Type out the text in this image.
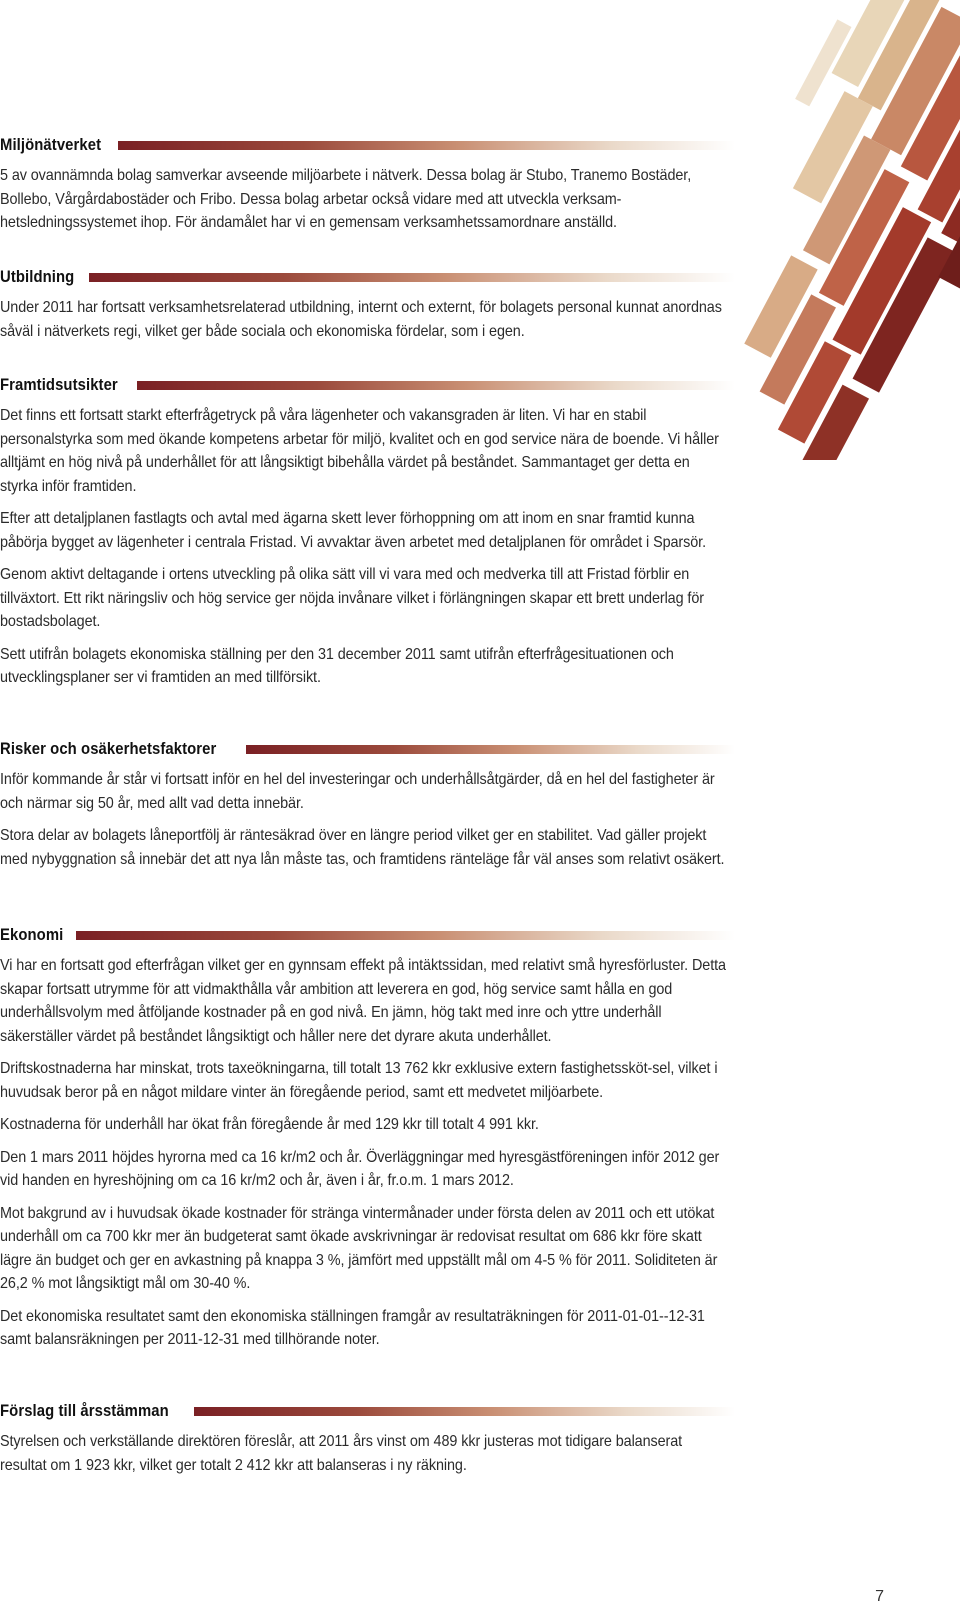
Miljönätverket

5 av ovannämnda bolag samverkar avseende miljöarbete i nätverk. Dessa bolag är Stubo, Tranemo Bostäder, Bollebo, Vårgårdabostäder och Fribo. Dessa bolag arbetar också vidare med att utveckla verksam-hetsledningssystemet ihop. För ändamålet har vi en gemensam verksamhetssamordnare anställd.

Utbildning

Under 2011 har fortsatt verksamhetsrelaterad utbildning, internt och externt, för bolagets personal kunnat anordnas såväl i nätverkets regi, vilket ger både sociala och ekonomiska fördelar, som i egen.

Framtidsutsikter

Det finns ett fortsatt starkt efterfrågetryck på våra lägenheter och vakansgraden är liten. Vi har en stabil personalstyrka som med ökande kompetens arbetar för miljö, kvalitet och en god service nära de boende. Vi håller alltjämt en hög nivå på underhållet för att långsiktigt bibehålla värdet på beståndet. Sammantaget ger detta en styrka inför framtiden.

Efter att detaljplanen fastlagts och avtal med ägarna skett lever förhoppning om att inom en snar framtid kunna påbörja bygget av lägenheter i centrala Fristad. Vi avvaktar även arbetet med detaljplanen för området i Sparsör.

Genom aktivt deltagande i ortens utveckling på olika sätt vill vi vara med och medverka till att Fristad förblir en tillväxtort. Ett rikt näringsliv och hög service ger nöjda invånare vilket i förlängningen skapar ett brett underlag för bostadsbolaget.

Sett utifrån bolagets ekonomiska ställning per den 31 december 2011 samt utifrån efterfrågesituationen och utvecklingsplaner ser vi framtiden an med tillförsikt.

Risker och osäkerhetsfaktorer

Inför kommande år står vi fortsatt inför en hel del investeringar och underhållsåtgärder, då en hel del fastigheter är och närmar sig 50 år, med allt vad detta innebär.

Stora delar av bolagets låneportfölj är räntesäkrad över en längre period vilket ger en stabilitet. Vad gäller projekt med nybyggnation så innebär det att nya lån måste tas, och framtidens ränteläge får väl anses som relativt osäkert.

Ekonomi

Vi har en fortsatt god efterfrågan vilket ger en gynnsam effekt på intäktssidan, med relativt små hyresförluster. Detta skapar fortsatt utrymme för att vidmakthålla vår ambition att leverera en god, hög service samt hålla en god underhållsvolym med åtföljande kostnader på en god nivå. En jämn, hög takt med inre och yttre underhåll säkerställer värdet på beståndet långsiktigt och håller nere det dyrare akuta underhållet.

Driftskostnaderna har minskat, trots taxeökningarna, till totalt 13 762 kkr exklusive extern fastighetssköt-sel, vilket i huvudsak beror på en något mildare vinter än föregående period, samt ett medvetet miljöarbete.

Kostnaderna för underhåll har ökat från föregående år med 129 kkr till totalt 4 991 kkr.

Den 1 mars 2011 höjdes hyrorna med ca 16 kr/m2 och år. Överläggningar med hyresgästföreningen inför 2012 ger vid handen en hyreshöjning om ca 16 kr/m2 och år, även i år, fr.o.m. 1 mars 2012.

Mot bakgrund av i huvudsak ökade kostnader för stränga vintermånader under första delen av 2011 och ett utökat underhåll om ca 700 kkr mer än budgeterat samt ökade avskrivningar är redovisat resultat om 686 kkr före skatt lägre än budget och ger en avkastning på knappa 3 %, jämfört med uppställt mål om 4-5 % för 2011. Soliditeten är 26,2 % mot långsiktigt mål om 30-40 %.

Det ekonomiska resultatet samt den ekonomiska ställningen framgår av resultaträkningen för 2011-01-01--12-31 samt balansräkningen per 2011-12-31 med tillhörande noter.

Förslag till årsstämman

Styrelsen och verkställande direktören föreslår, att 2011 års vinst om 489 kkr justeras mot tidigare balanserat resultat om 1 923 kkr, vilket ger totalt 2 412 kkr att balanseras i ny räkning.

7
